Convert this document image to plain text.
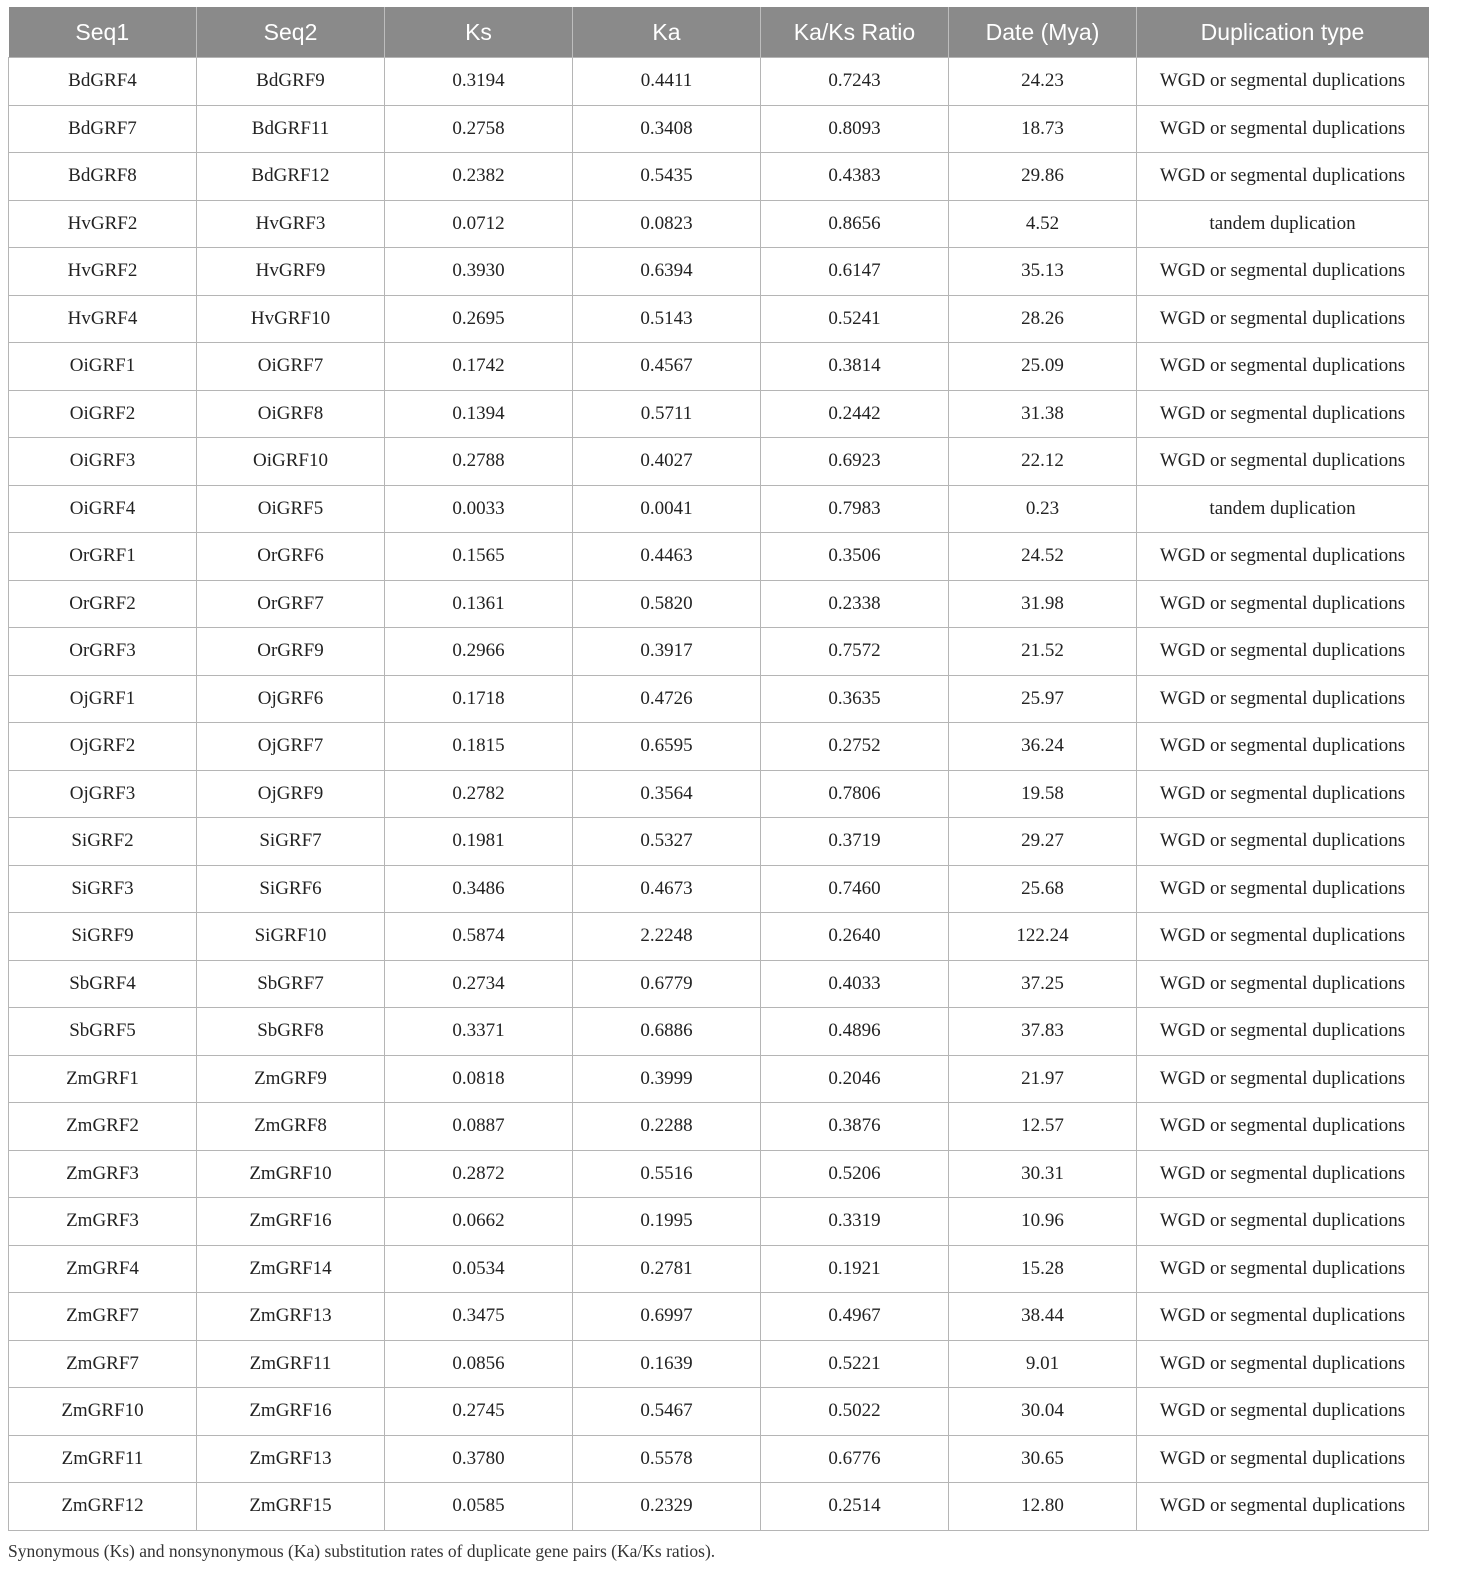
Seq1	Seq2	Ks	Ka	Ka/Ks Ratio	Date (Mya)	Duplication type
BdGRF4	BdGRF9	0.3194	0.4411	0.7243	24.23	WGD or segmental duplications
BdGRF7	BdGRF11	0.2758	0.3408	0.8093	18.73	WGD or segmental duplications
BdGRF8	BdGRF12	0.2382	0.5435	0.4383	29.86	WGD or segmental duplications
HvGRF2	HvGRF3	0.0712	0.0823	0.8656	4.52	tandem duplication
HvGRF2	HvGRF9	0.3930	0.6394	0.6147	35.13	WGD or segmental duplications
HvGRF4	HvGRF10	0.2695	0.5143	0.5241	28.26	WGD or segmental duplications
OiGRF1	OiGRF7	0.1742	0.4567	0.3814	25.09	WGD or segmental duplications
OiGRF2	OiGRF8	0.1394	0.5711	0.2442	31.38	WGD or segmental duplications
OiGRF3	OiGRF10	0.2788	0.4027	0.6923	22.12	WGD or segmental duplications
OiGRF4	OiGRF5	0.0033	0.0041	0.7983	0.23	tandem duplication
OrGRF1	OrGRF6	0.1565	0.4463	0.3506	24.52	WGD or segmental duplications
OrGRF2	OrGRF7	0.1361	0.5820	0.2338	31.98	WGD or segmental duplications
OrGRF3	OrGRF9	0.2966	0.3917	0.7572	21.52	WGD or segmental duplications
OjGRF1	OjGRF6	0.1718	0.4726	0.3635	25.97	WGD or segmental duplications
OjGRF2	OjGRF7	0.1815	0.6595	0.2752	36.24	WGD or segmental duplications
OjGRF3	OjGRF9	0.2782	0.3564	0.7806	19.58	WGD or segmental duplications
SiGRF2	SiGRF7	0.1981	0.5327	0.3719	29.27	WGD or segmental duplications
SiGRF3	SiGRF6	0.3486	0.4673	0.7460	25.68	WGD or segmental duplications
SiGRF9	SiGRF10	0.5874	2.2248	0.2640	122.24	WGD or segmental duplications
SbGRF4	SbGRF7	0.2734	0.6779	0.4033	37.25	WGD or segmental duplications
SbGRF5	SbGRF8	0.3371	0.6886	0.4896	37.83	WGD or segmental duplications
ZmGRF1	ZmGRF9	0.0818	0.3999	0.2046	21.97	WGD or segmental duplications
ZmGRF2	ZmGRF8	0.0887	0.2288	0.3876	12.57	WGD or segmental duplications
ZmGRF3	ZmGRF10	0.2872	0.5516	0.5206	30.31	WGD or segmental duplications
ZmGRF3	ZmGRF16	0.0662	0.1995	0.3319	10.96	WGD or segmental duplications
ZmGRF4	ZmGRF14	0.0534	0.2781	0.1921	15.28	WGD or segmental duplications
ZmGRF7	ZmGRF13	0.3475	0.6997	0.4967	38.44	WGD or segmental duplications
ZmGRF7	ZmGRF11	0.0856	0.1639	0.5221	9.01	WGD or segmental duplications
ZmGRF10	ZmGRF16	0.2745	0.5467	0.5022	30.04	WGD or segmental duplications
ZmGRF11	ZmGRF13	0.3780	0.5578	0.6776	30.65	WGD or segmental duplications
ZmGRF12	ZmGRF15	0.0585	0.2329	0.2514	12.80	WGD or segmental duplications
Synonymous (Ks) and nonsynonymous (Ka) substitution rates of duplicate gene pairs (Ka/Ks ratios).
